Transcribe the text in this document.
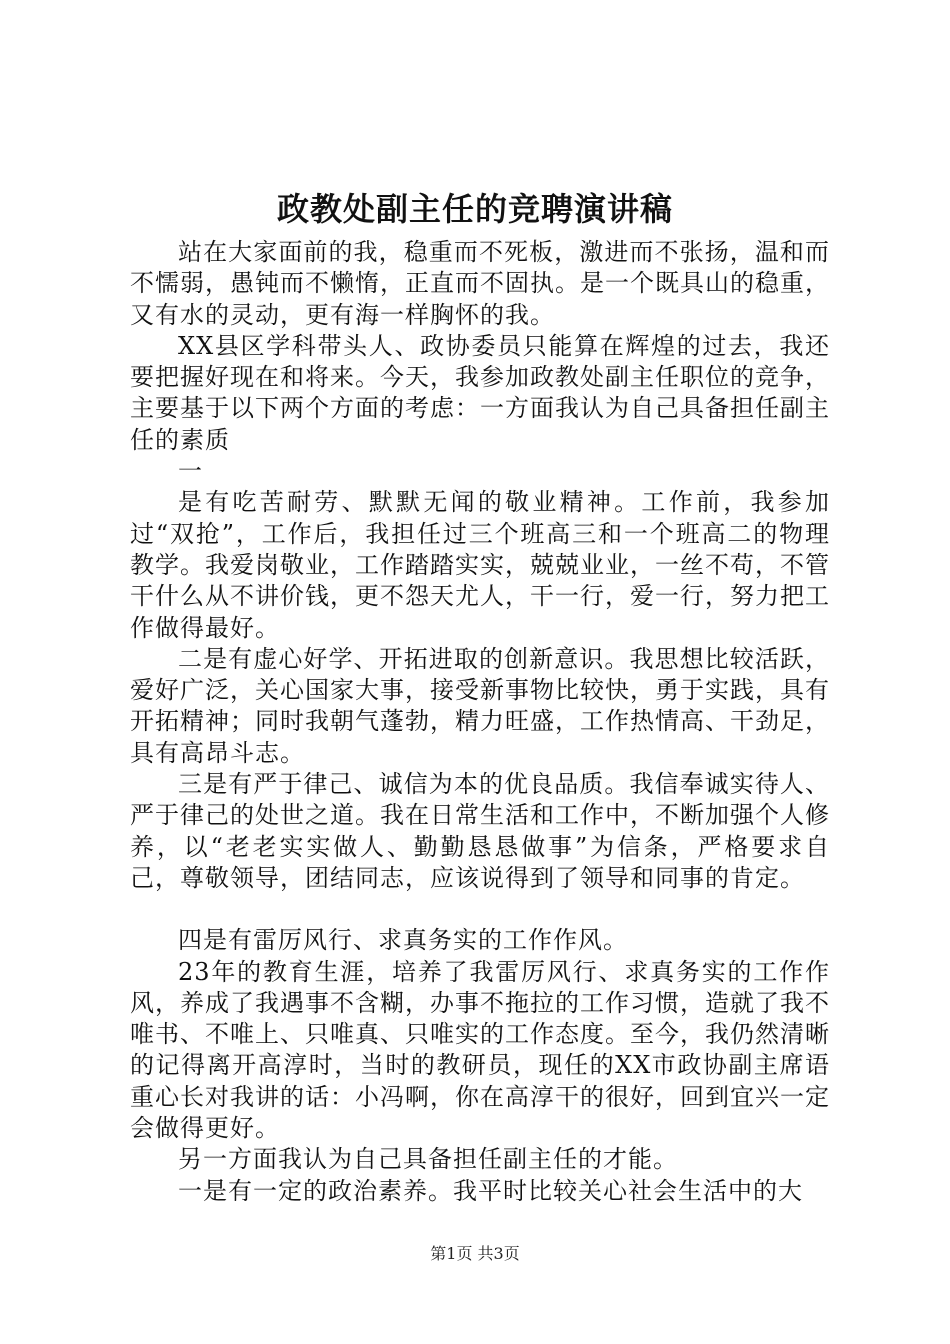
政教处副主任的竞聘演讲稿

站在大家面前的我，稳重而不死板，激进而不张扬，温和而不懦弱，愚钝而不懒惰，正直而不固执。是一个既具山的稳重，又有水的灵动，更有海一样胸怀的我。

XX县区学科带头人、政协委员只能算在辉煌的过去，我还要把握好现在和将来。今天，我参加政教处副主任职位的竞争，主要基于以下两个方面的考虑：一方面我认为自己具备担任副主任的素质

一

是有吃苦耐劳、默默无闻的敬业精神。工作前，我参加过“双抢”，工作后，我担任过三个班高三和一个班高二的物理教学。我爱岗敬业，工作踏踏实实，兢兢业业，一丝不苟，不管干什么从不讲价钱，更不怨天尤人，干一行，爱一行，努力把工作做得最好。

二是有虚心好学、开拓进取的创新意识。我思想比较活跃，爱好广泛，关心国家大事，接受新事物比较快，勇于实践，具有开拓精神；同时我朝气蓬勃，精力旺盛，工作热情高、干劲足，具有高昂斗志。

三是有严于律己、诚信为本的优良品质。我信奉诚实待人、严于律己的处世之道。我在日常生活和工作中，不断加强个人修养，以“老老实实做人、勤勤恳恳做事”为信条，严格要求自己，尊敬领导，团结同志，应该说得到了领导和同事的肯定。

四是有雷厉风行、求真务实的工作作风。

23年的教育生涯，培养了我雷厉风行、求真务实的工作作风，养成了我遇事不含糊，办事不拖拉的工作习惯，造就了我不唯书、不唯上、只唯真、只唯实的工作态度。至今，我仍然清晰的记得离开高淳时，当时的教研员，现任的XX市政协副主席语重心长对我讲的话：小冯啊，你在高淳干的很好，回到宜兴一定会做得更好。

另一方面我认为自己具备担任副主任的才能。

一是有一定的政治素养。我平时比较关心社会生活中的大

第1页 共3页
